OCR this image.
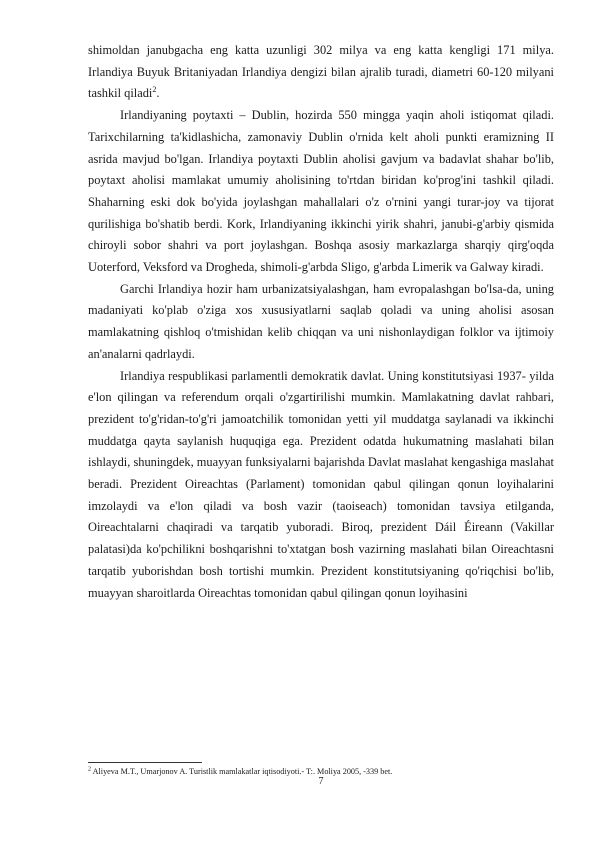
shimoldan janubgacha eng katta uzunligi 302 milya va eng katta kengligi 171 milya. Irlandiya Buyuk Britaniyadan Irlandiya dengizi bilan ajralib turadi, diametri 60-120 milyani tashkil qiladi$^2$.

Irlandiyaning poytaxti – Dublin, hozirda 550 mingga yaqin aholi istiqomat qiladi. Tarixchilarning ta'kidlashicha, zamonaviy Dublin o'rnida kelt aholi punkti eramizning II asrida mavjud bo'lgan. Irlandiya poytaxti Dublin aholisi gavjum va badavlat shahar bo'lib, poytaxt aholisi mamlakat umumiy aholisining to'rtdan biridan ko'prog'ini tashkil qiladi. Shaharning eski dok bo'yida joylashgan mahallalari o'z o'rnini yangi turar-joy va tijorat qurilishiga bo'shatib berdi. Kork, Irlandiyaning ikkinchi yirik shahri, janubi-g'arbiy qismida chiroyli sobor shahri va port joylashgan. Boshqa asosiy markazlarga sharqiy qirg'oqda Uoterford, Veksford va Drogheda, shimoli-g'arbda Sligo, g'arbda Limerik va Galway kiradi.

Garchi Irlandiya hozir ham urbanizatsiyalashgan, ham evropalashgan bo'lsa-da, uning madaniyati ko'plab o'ziga xos xususiyatlarni saqlab qoladi va uning aholisi asosan mamlakatning qishloq o'tmishidan kelib chiqqan va uni nishonlaydigan folklor va ijtimoiy an'analarni qadrlaydi.

Irlandiya respublikasi parlamentli demokratik davlat. Uning konstitutsiyasi 1937- yilda e'lon qilingan va referendum orqali o'zgartirilishi mumkin. Mamlakatning davlat rahbari, prezident to'g'ridan-to'g'ri jamoatchilik tomonidan yetti yil muddatga saylanadi va ikkinchi muddatga qayta saylanish huquqiga ega. Prezident odatda hukumatning maslahati bilan ishlaydi, shuningdek, muayyan funksiyalarni bajarishda Davlat maslahat kengashiga maslahat beradi. Prezident Oireachtas (Parlament) tomonidan qabul qilingan qonun loyihalarini imzolaydi va e'lon qiladi va bosh vazir (taoiseach) tomonidan tavsiya etilganda, Oireachtalarni chaqiradi va tarqatib yuboradi. Biroq, prezident Dáil Éireann (Vakillar palatasi)da ko'pchilikni boshqarishni to'xtatgan bosh vazirning maslahati bilan Oireachtasni tarqatib yuborishdan bosh tortishi mumkin. Prezident konstitutsiyaning qo'riqchisi bo'lib, muayyan sharoitlarda Oireachtas tomonidan qabul qilingan qonun loyihasini

$^2$ Aliyeva M.T., Umarjonov A. Turistlik mamlakatlar iqtisodiyoti.- T:. Moliya 2005, -339 bet.
7
